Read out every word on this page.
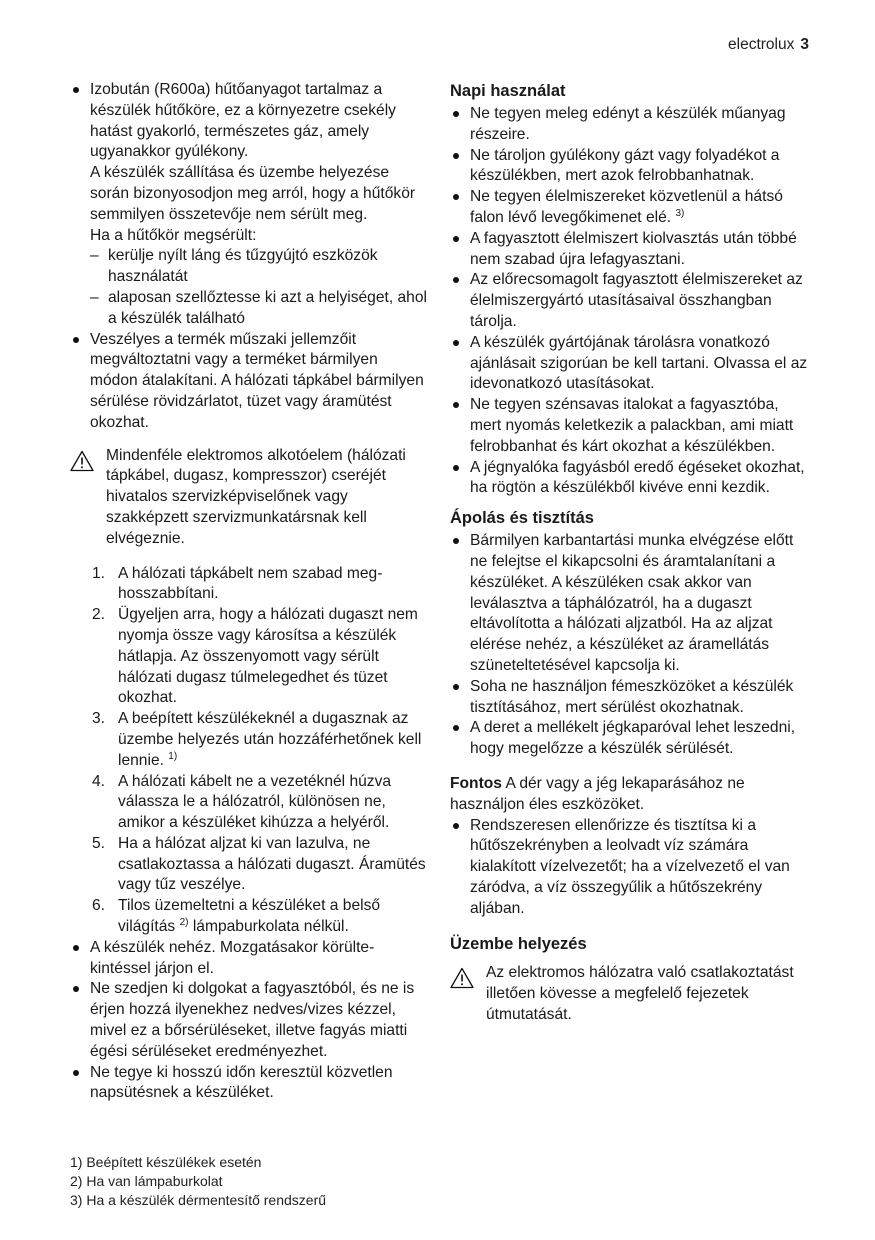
electrolux 3

Izobután (R600a) hűtőanyagot tartalmaz a készülék hűtőköre, ez a környezetre csekély hatást gyakorló, természetes gáz, amely ugyanakkor gyúlékony.

A készülék szállítása és üzembe helyezése során bizonyosodjon meg arról, hogy a hűtőkör semmilyen összetevője nem sérült meg.

Ha a hűtőkör megsérült:

– kerülje nyílt láng és tűzgyújtó eszközök használatát
– alaposan szellőztesse ki azt a helyiséget, ahol a készülék található
Veszélyes a termék műszaki jellemzőit megváltoztatni vagy a terméket bármilyen módon átalakítani. A hálózati tápkábel bármilyen sérülése rövidzárlatot, tüzet vagy áramütést okozhat.
Mindenféle elektromos alkotóelem (hálózati tápkábel, dugasz, kompresszor) cseréjét hivatalos szervizképviselőnek vagy szakképzett szervizmunkatársnak kell elvégeznie.
1. A hálózati tápkábelt nem szabad meghosszabbítani.
2. Ügyeljen arra, hogy a hálózati dugaszt nem nyomja össze vagy károsítsa a készülék hátlapja. Az összenyomott vagy sérült hálózati dugasz túlmelegedhet és tüzet okozhat.
3. A beépített készülékeknél a dugasznak az üzembe helyezés után hozzáférhetőnek kell lennie. $^{1)}$
4. A hálózati kábelt ne a vezetéknél húzva válassza le a hálózatról, különösen ne, amikor a készüléket kihúzza a helyéről.
5. Ha a hálózat aljzat ki van lazulva, ne csatlakoztassa a hálózati dugaszt. Áramütés vagy tűz veszélye.
6. Tilos üzemeltetni a készüléket a belső világítás $^{2)}$ lámpaburkolata nélkül.
A készülék nehéz. Mozgatásakor körültekintéssel járjon el.
Ne szedjen ki dolgokat a fagyasztóból, és ne is érjen hozzá ilyenekhez nedves/vizes kézzel, mivel ez a bőrsérüléseket, illetve fagyás miatti égési sérüléseket eredményezhet.
Ne tegye ki hosszú időn keresztül közvetlen napsütésnek a készüléket.
1) Beépített készülékek esetén
2) Ha van lámpaburkolat
3) Ha a készülék dérmentesítő rendszerű
Napi használat
Ne tegyen meleg edényt a készülék műanyag részeire.
Ne tároljon gyúlékony gázt vagy folyadékot a készülékben, mert azok felrobbanhatnak.
Ne tegyen élelmiszereket közvetlenül a hátsó falon lévő levegőkimenet elé. $^{3)}$
A fagyasztott élelmiszert kiolvasztás után többé nem szabad újra lefagyasztani.
Az előrecsomagolt fagyasztott élelmiszereket az élelmiszergyártó utasításaival összhangban tárolja.
A készülék gyártójának tárolásra vonatkozó ajánlásait szigorúan be kell tartani. Olvassa el az idevonatkozó utasításokat.
Ne tegyen szénsavas italokat a fagyasztóba, mert nyomás keletkezik a palackban, ami miatt felrobbanhat és kárt okozhat a készülékben.
A jégnyalóka fagyásból eredő égéseket okozhat, ha rögtön a készülékből kivéve enni kezdik.
Ápolás és tisztítás
Bármilyen karbantartási munka elvégzése előtt ne felejtse el kikapcsolni és áramtalanítani a készüléket. A készüléken csak akkor van leválasztva a táphálózatról, ha a dugaszt eltávolította a hálózati aljzatból. Ha az aljzat elérése nehéz, a készüléket az áramellátás szüneteltetésével kapcsolja ki.
Soha ne használjon fémeszközöket a készülék tisztításához, mert sérülést okozhatnak.
A deret a mellékelt jégkaparóval lehet leszedni, hogy megelőzze a készülék sérülését.
Fontos A dér vagy a jég lekaparásához ne használjon éles eszközöket.
Rendszeresen ellenőrizze és tisztítsa ki a hűtőszekrényben a leolvadt víz számára kialakított vízelvezetőt; ha a vízelvezető el van záródva, a víz összegyűlik a hűtőszekrény aljában.
Üzembe helyezés
Az elektromos hálózatra való csatlakoztatást illetően kövesse a megfelelő fejezetek útmutatását.
